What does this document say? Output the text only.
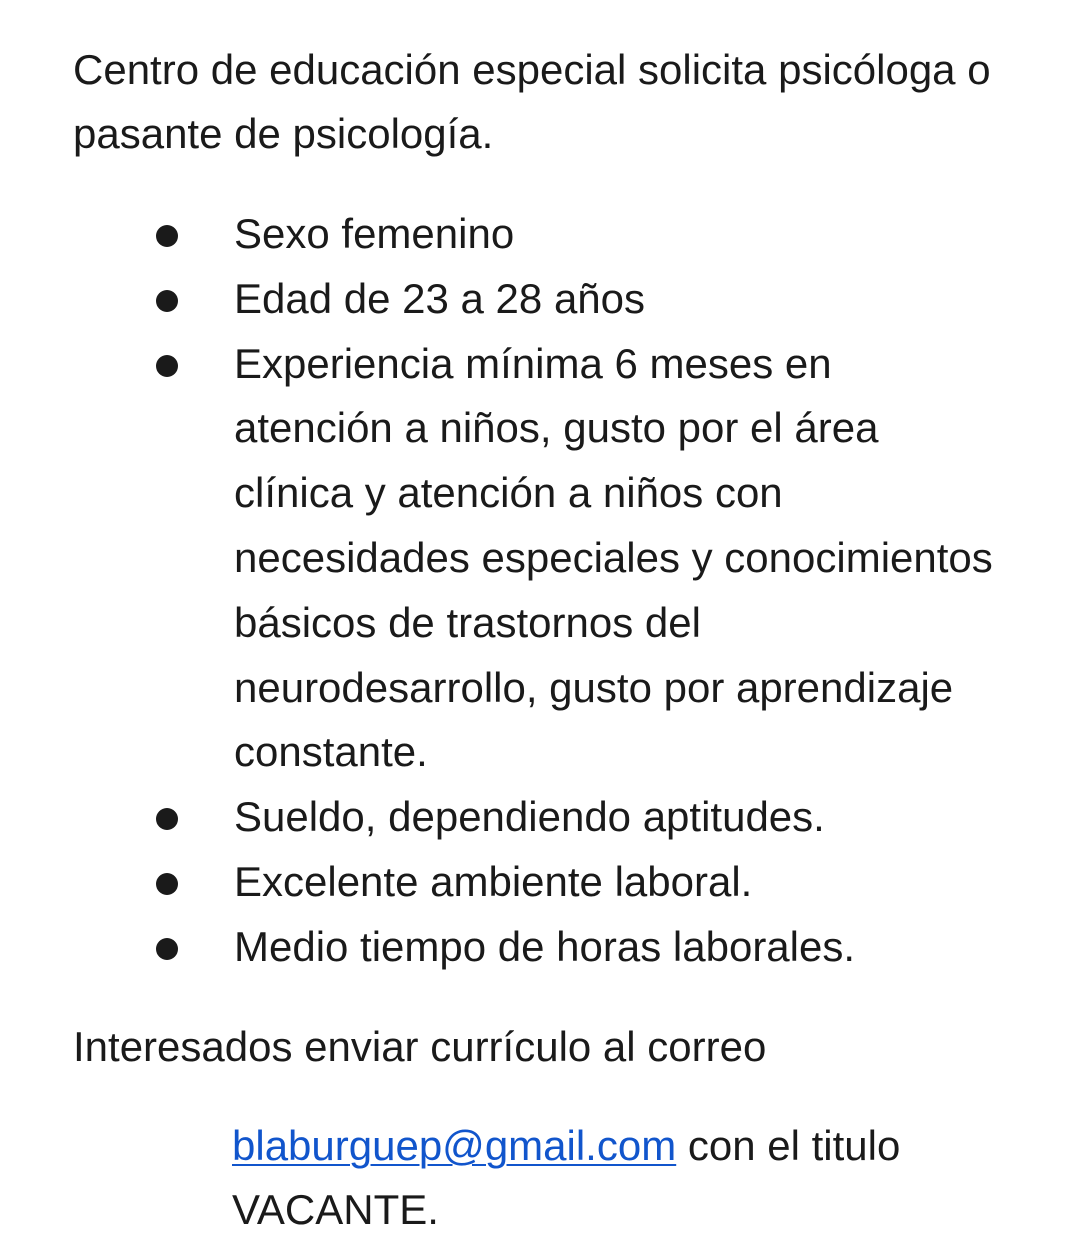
Centro de educación especial solicita psicóloga o pasante de psicología.

Sexo femenino
Edad de 23 a 28 años
Experiencia mínima 6 meses en atención a niños, gusto por el área clínica y atención a niños con necesidades especiales y conocimientos básicos de trastornos del neurodesarrollo, gusto por aprendizaje constante.
Sueldo, dependiendo aptitudes.
Excelente ambiente laboral.
Medio tiempo de horas laborales.

Interesados enviar currículo al correo

blaburguep@gmail.com con el titulo VACANTE.
